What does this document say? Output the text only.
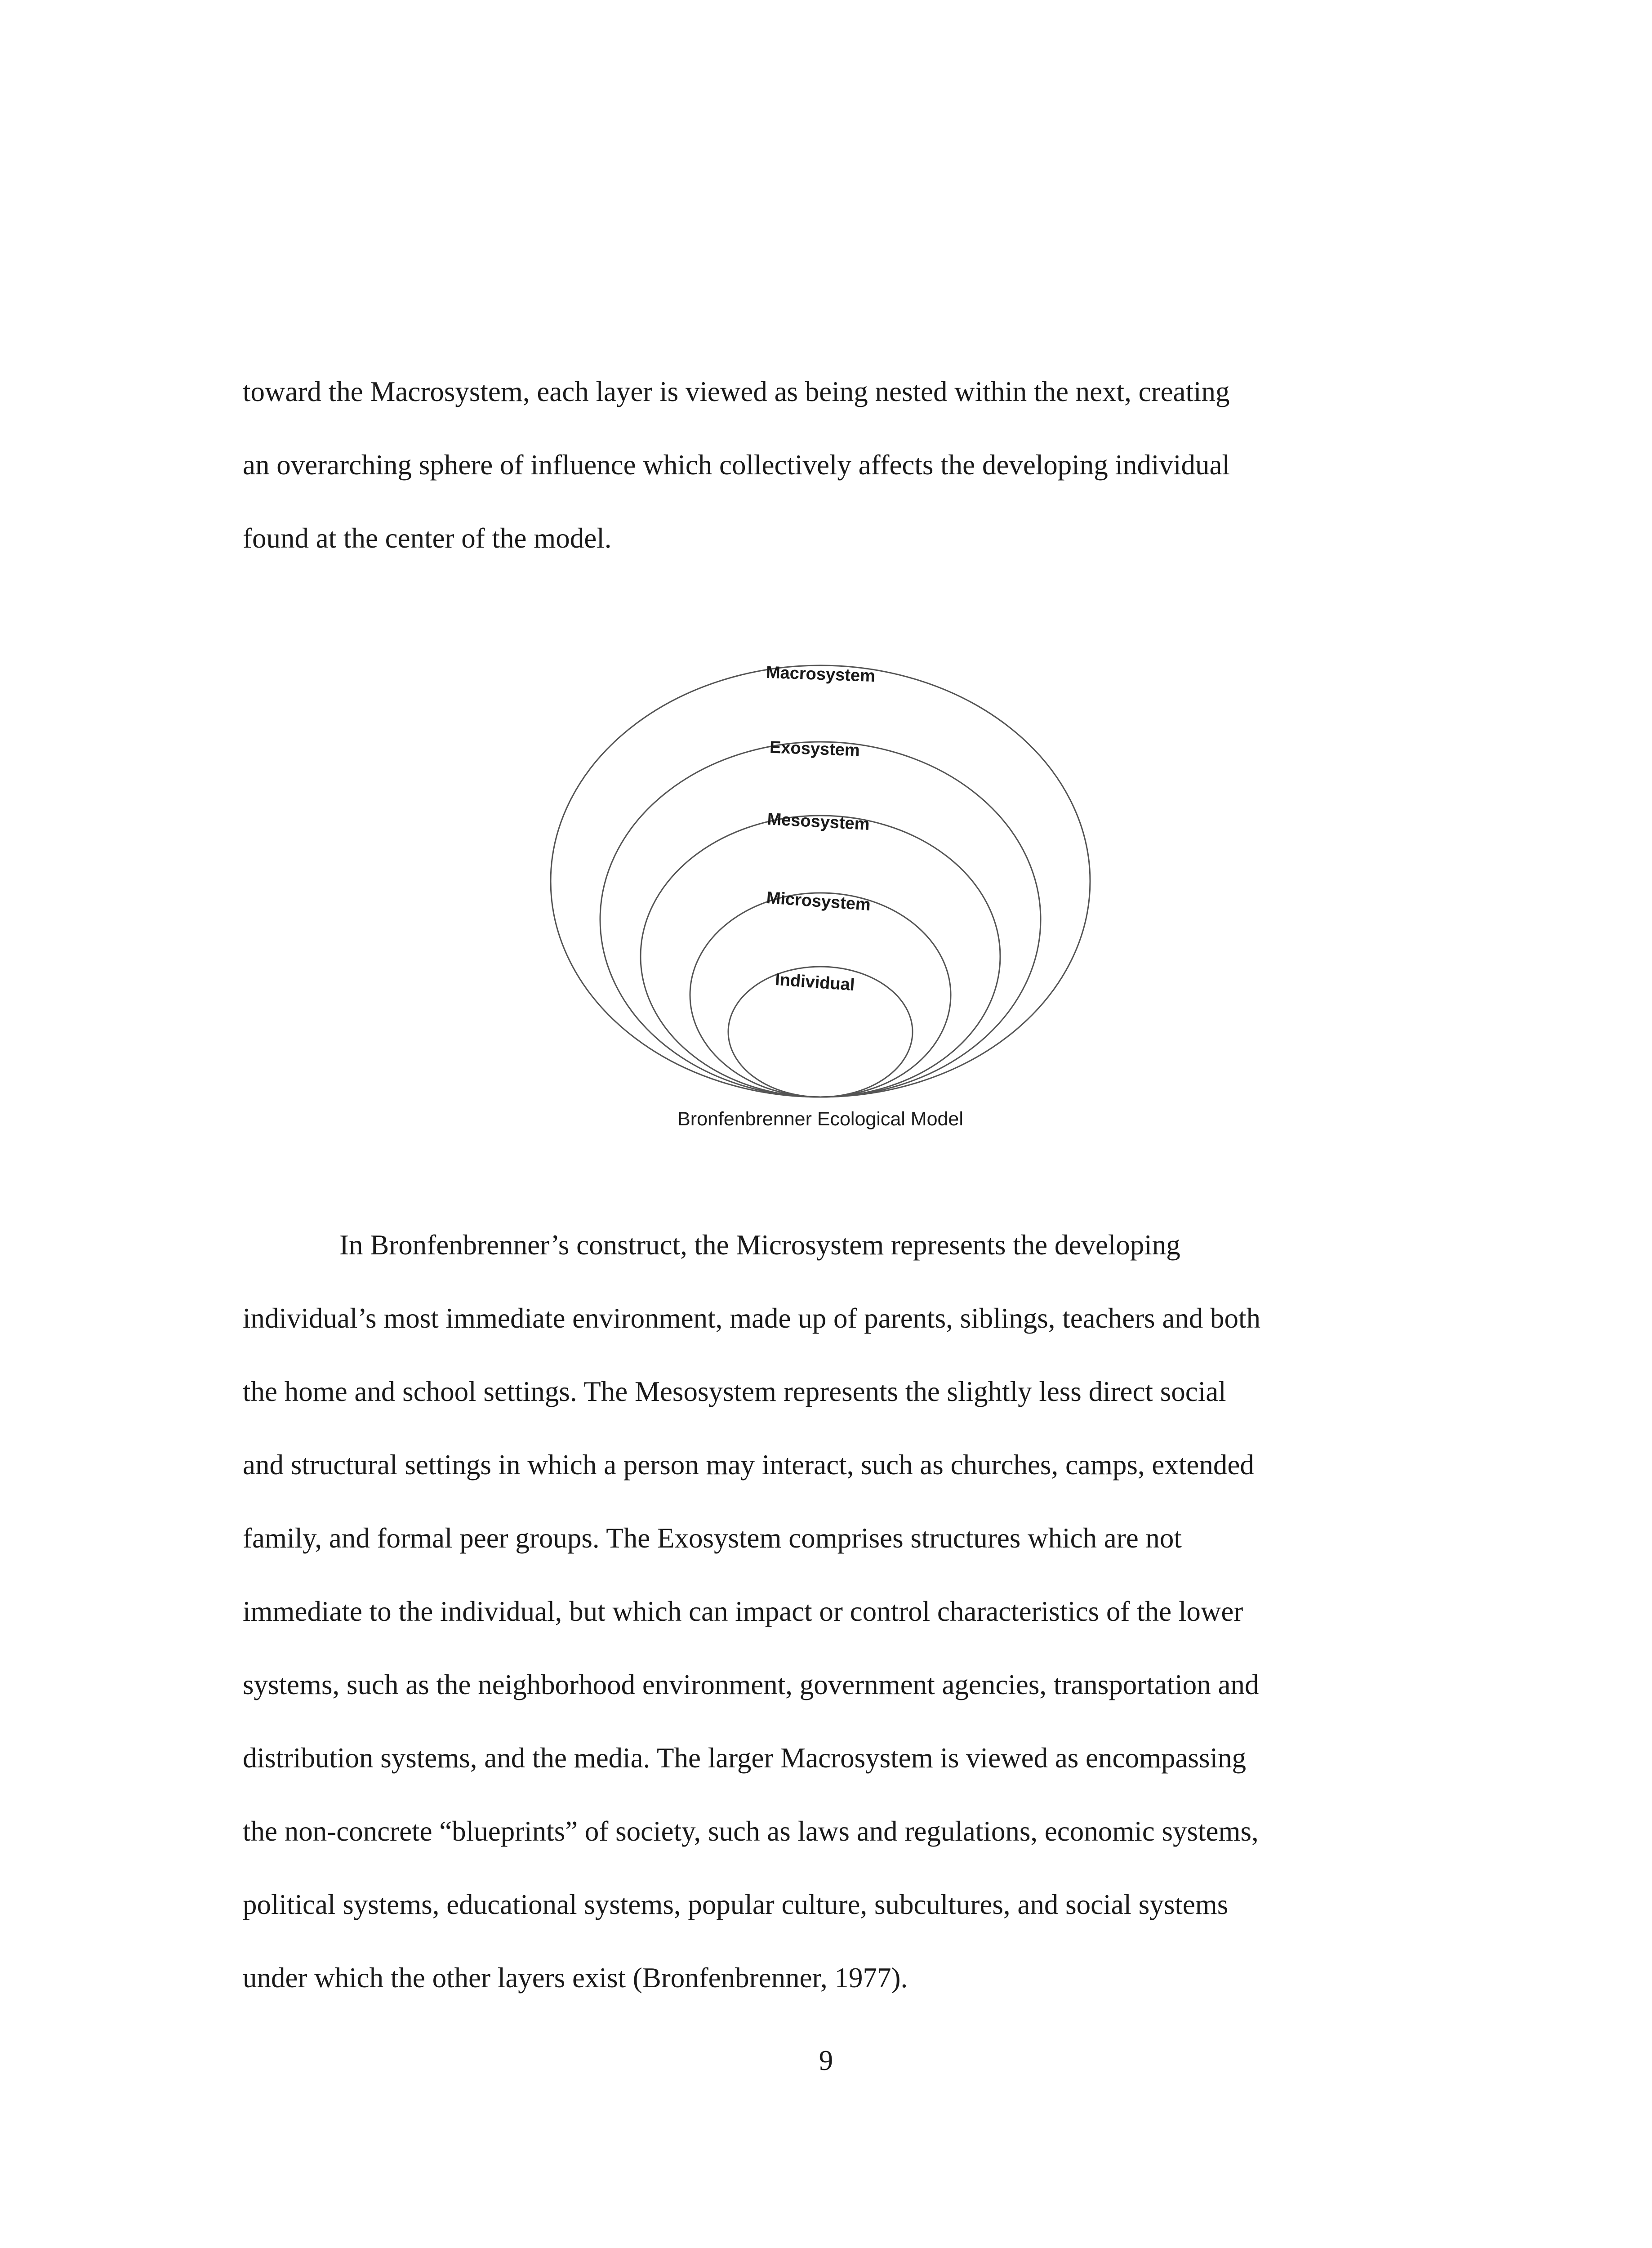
toward the Macrosystem, each layer is viewed as being nested within the next, creating
an overarching sphere of influence which collectively affects the developing individual
found at the center of the model.
Macrosystem
Exosystem
Mesosystem
Microsystem
Individual
Bronfenbrenner Ecological Model
In Bronfenbrenner’s construct, the Microsystem represents the developing
individual’s most immediate environment, made up of parents, siblings, teachers and both
the home and school settings. The Mesosystem represents the slightly less direct social
and structural settings in which a person may interact, such as churches, camps, extended
family, and formal peer groups. The Exosystem comprises structures which are not
immediate to the individual, but which can impact or control characteristics of the lower
systems, such as the neighborhood environment, government agencies, transportation and
distribution systems, and the media. The larger Macrosystem is viewed as encompassing
the non-concrete “blueprints” of society, such as laws and regulations, economic systems,
political systems, educational systems, popular culture, subcultures, and social systems
under which the other layers exist (Bronfenbrenner, 1977).
9
